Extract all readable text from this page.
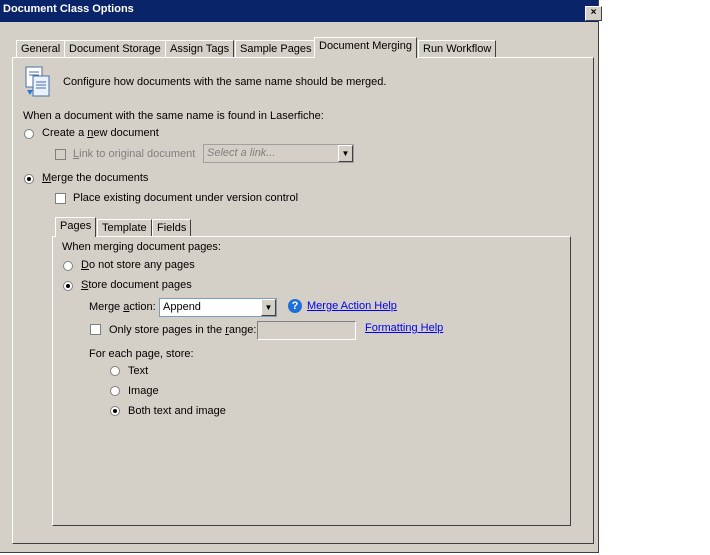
Document Class Options	×
General Document Storage Assign Tags Sample Pages Document Merging	Run Workflow
Configure how documents with the same name should be merged.
When a document with the same name is found in Laserfiche:
Create a new document
Link to original document Select a link...	▼
Merge the documents
Place existing document under version control
Pages Template Fields
When merging document pages:
Do not store any pages
Store document pages
Merge action: Append	▼	? Merge Action Help
Only store pages in the range:	Formatting Help
For each page, store:
Text
Image
Both text and image
